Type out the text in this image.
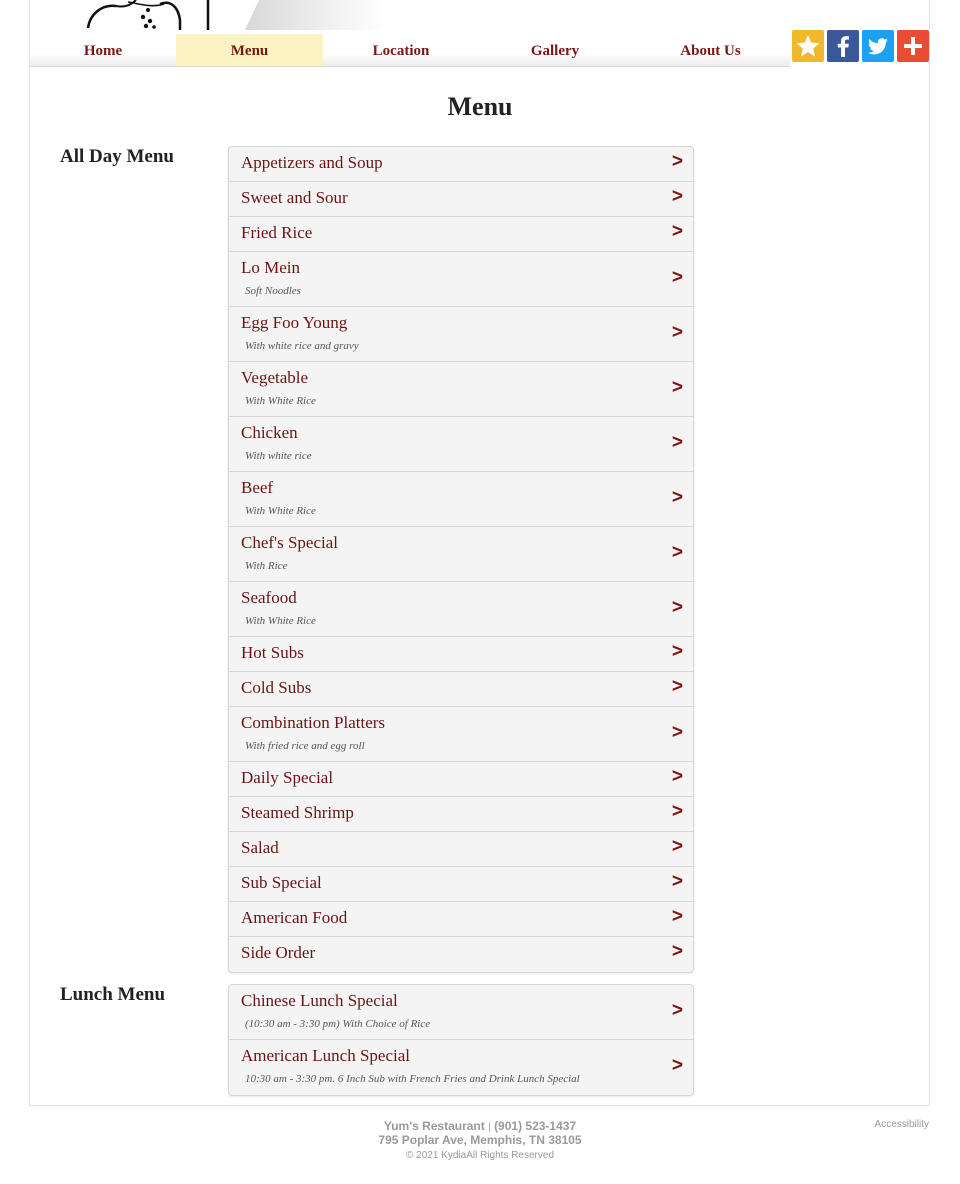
Home	Menu	Location	Gallery	About Us
Menu
All Day Menu	Appetizers and Soup	>
Sweet and Sour	>
Fried Rice	>
Lo Mein
Soft Noodles
>
Egg Foo Young
With white rice and gravy
>
Vegetable
With White Rice
>
Chicken
With white rice
>
Beef
With White Rice
>
Chef's Special
With Rice
>
Seafood
With White Rice
>
Hot Subs	>
Cold Subs	>
Combination Platters
With fried rice and egg roll
>
Daily Special	>
Steamed Shrimp	>
Salad	>
Sub Special	>
American Food	>
Side Order	>
Lunch Menu	Chinese Lunch Special
(10:30 am - 3:30 pm) With Choice of Rice
>
American Lunch Special
10:30 am - 3:30 pm. 6 Inch Sub with French Fries and Drink Lunch Special
>
Yum's Restaurant | (901) 523-1437
795 Poplar Ave, Memphis, TN 38105
© 2021 KydiaAll Rights Reserved
Accessibility
